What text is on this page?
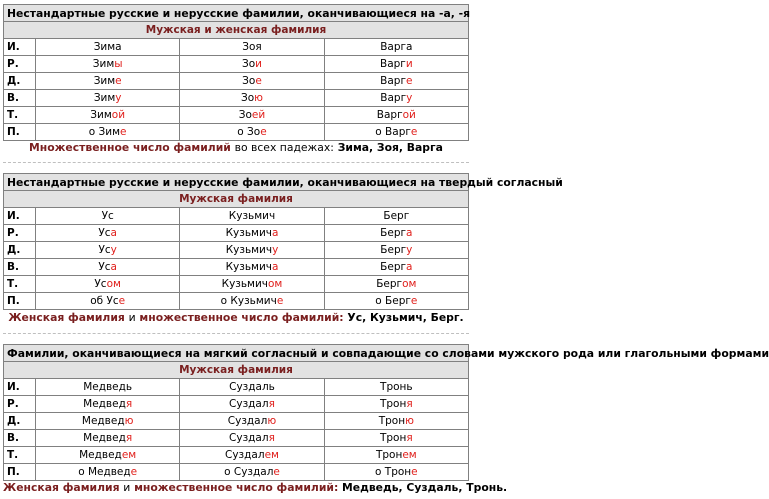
Нестандартные русские и нерусские фамилии, оканчивающиеся на -а, -я			
Мужская и женская фамилия			
И.	Зима	Зоя	Варга
Р.	Зимы	Зои	Варги
Д.	Зиме	Зое	Варге
В.	Зиму	Зою	Варгу
Т.	Зимой	Зоей	Варгой
П.	о Зиме	о Зое	о Варге
Множественное число фамилий во всех падежах: Зима, Зоя, Варга
Нестандартные русские и нерусские фамилии, оканчивающиеся на твердый согласный			
Мужская фамилия			
И.	Ус	Кузьмич	Берг
Р.	Уса	Кузьмича	Берга
Д.	Усу	Кузьмичу	Бергу
В.	Уса	Кузьмича	Берга
Т.	Усом	Кузьмичом	Бергом
П.	об Усе	о Кузьмиче	о Берге
Женская фамилия и множественное число фамилий: Ус, Кузьмич, Берг.
Фамилии, оканчивающиеся на мягкий согласный и совпадающие со словами мужского рода или глагольными формами			
Мужская фамилия			
И.	Медведь	Суздаль	Тронь
Р.	Медведя	Суздаля	Троня
Д.	Медведю	Суздалю	Троню
В.	Медведя	Суздаля	Троня
Т.	Медведем	Суздалем	Тронем
П.	о Медведе	о Суздале	о Троне
Женская фамилия и множественное число фамилий: Медведь, Суздаль, Тронь.
